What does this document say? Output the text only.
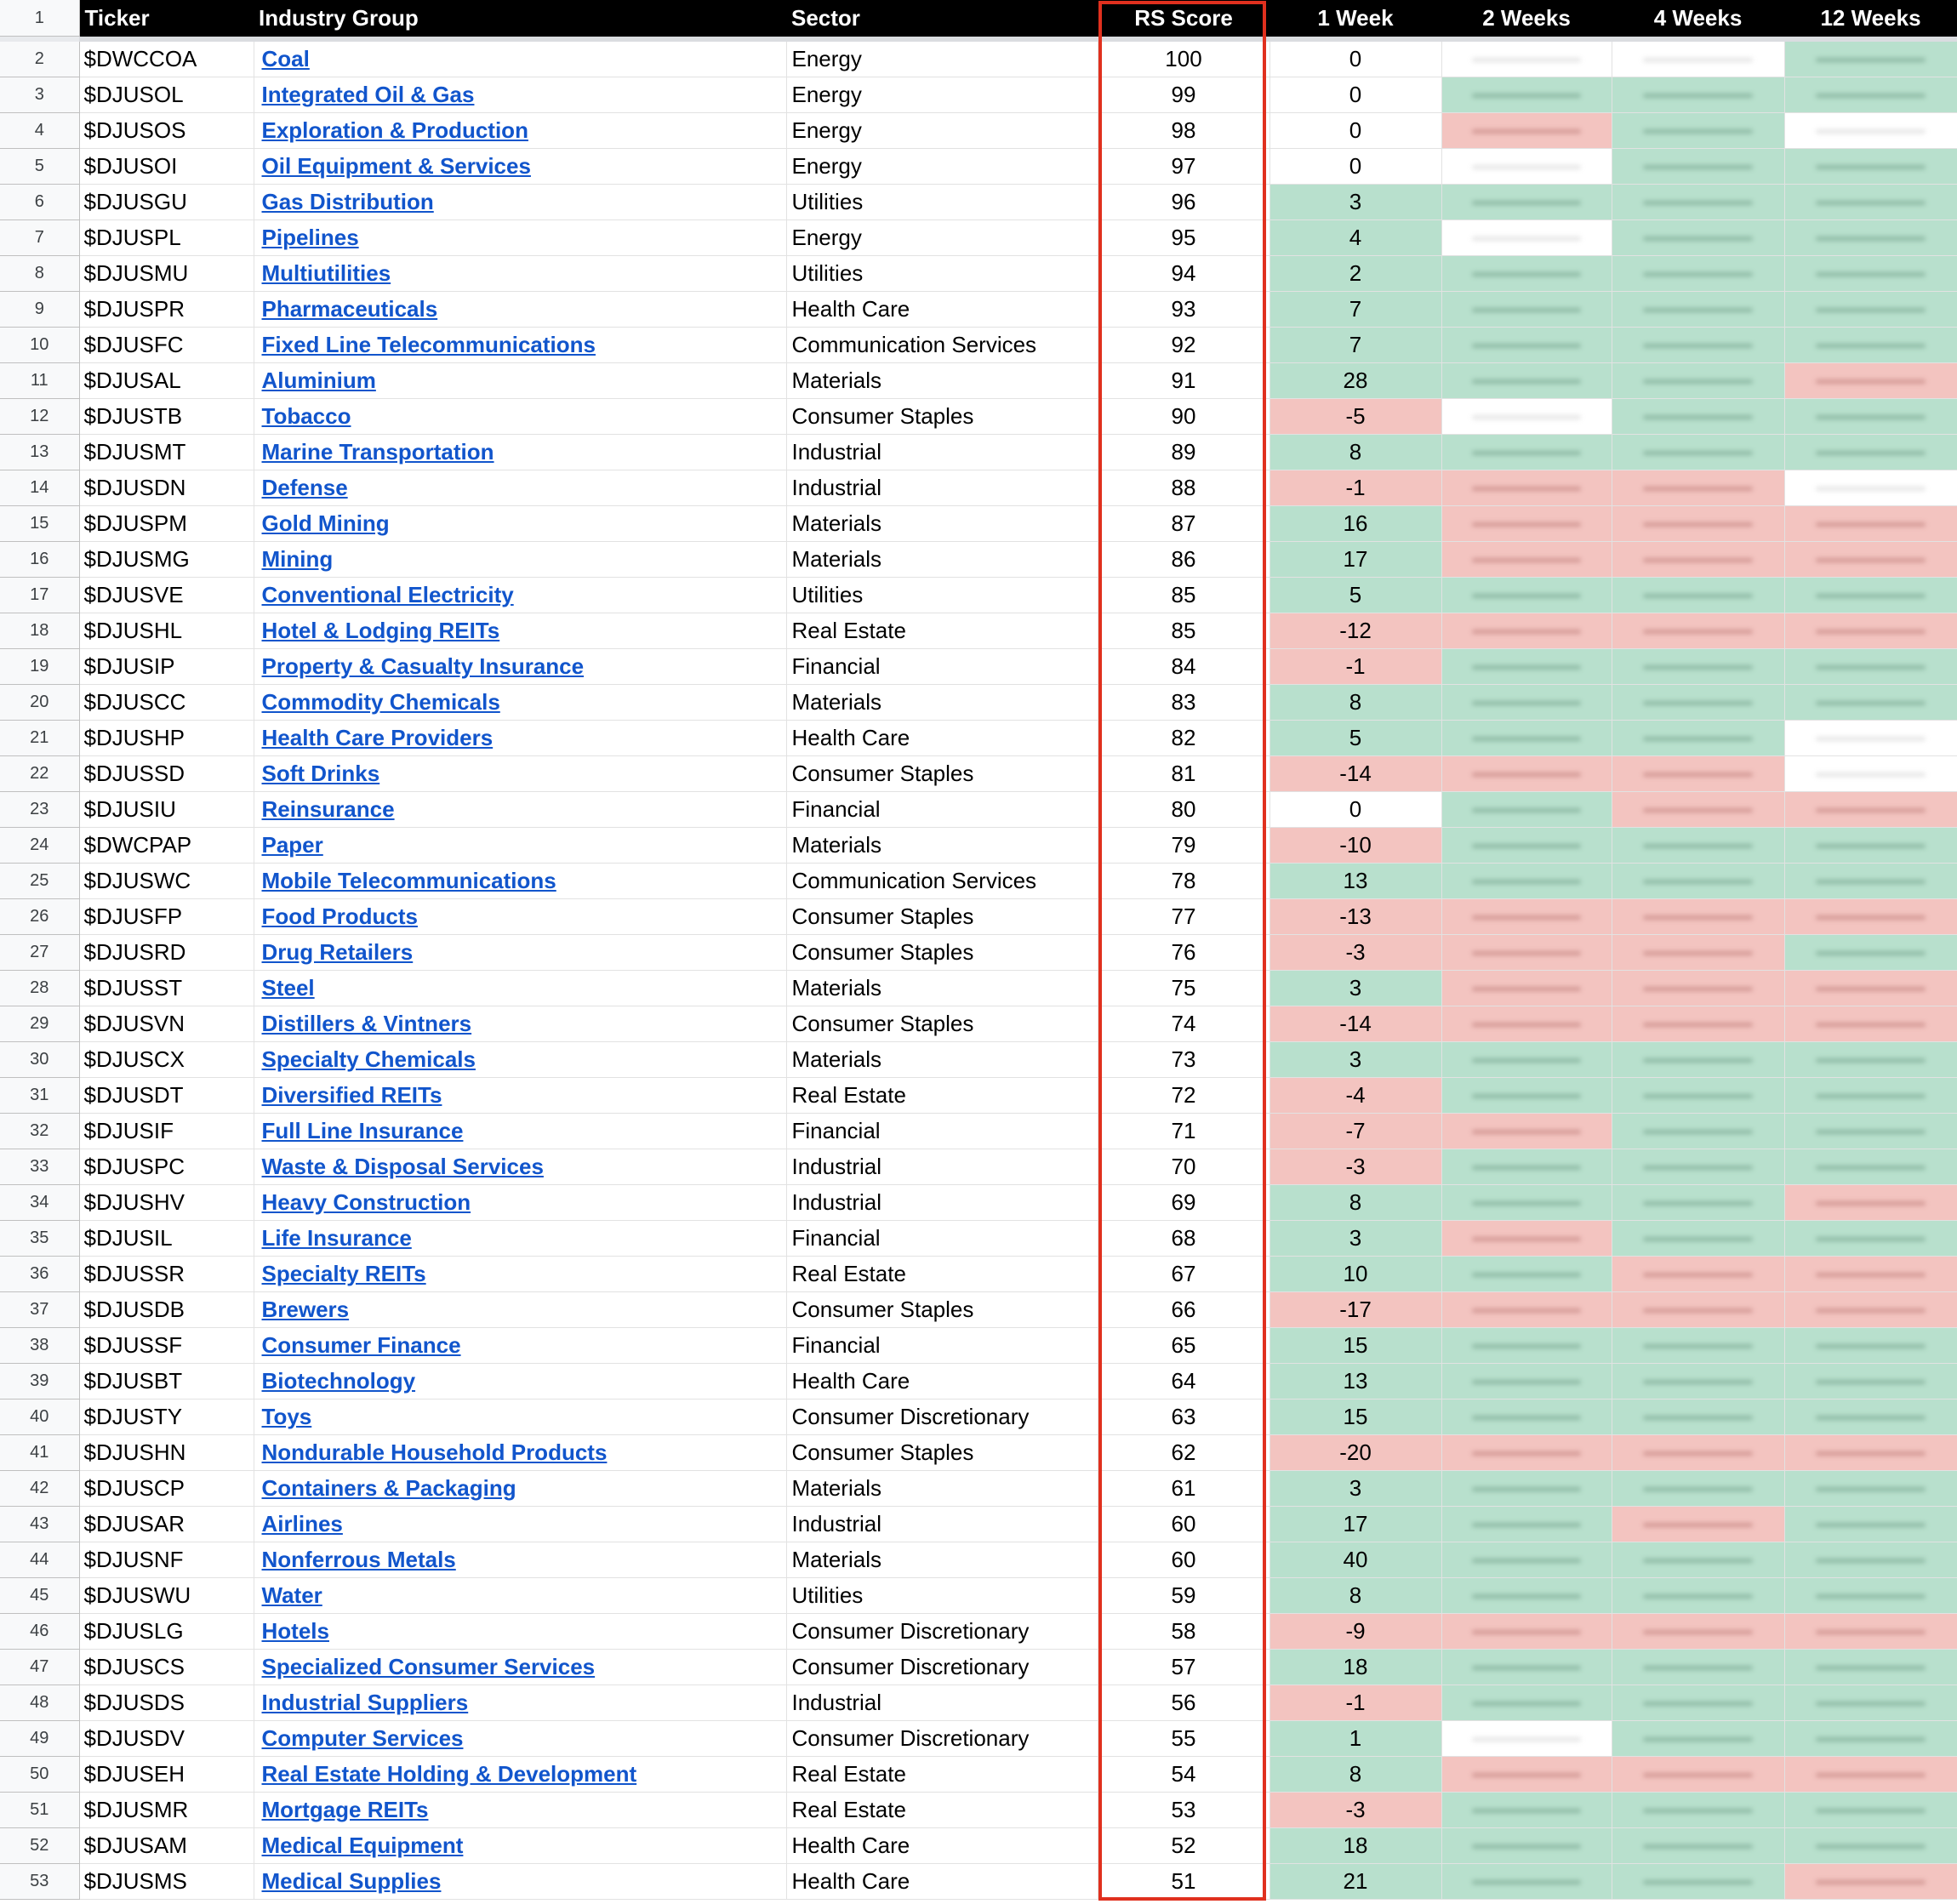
1	Ticker	Industry Group	Sector	RS Score	1 Week	2 Weeks	4 Weeks	12 Weeks

2	$DWCCOA	Coal	Energy	100	0	

3	$DJUSOL	Integrated Oil & Gas	Energy	99	0	

4	$DJUSOS	Exploration & Production	Energy	98	0	

5	$DJUSOI	Oil Equipment & Services	Energy	97	0	

6	$DJUSGU	Gas Distribution	Utilities	96	3	

7	$DJUSPL	Pipelines	Energy	95	4	

8	$DJUSMU	Multiutilities	Utilities	94	2	

9	$DJUSPR	Pharmaceuticals	Health Care	93	7	

10	$DJUSFC	Fixed Line Telecommunications	Communication Services	92	7	

11	$DJUSAL	Aluminium	Materials	91	28	

12	$DJUSTB	Tobacco	Consumer Staples	90	-5	

13	$DJUSMT	Marine Transportation	Industrial	89	8	

14	$DJUSDN	Defense	Industrial	88	-1	

15	$DJUSPM	Gold Mining	Materials	87	16	

16	$DJUSMG	Mining	Materials	86	17	

17	$DJUSVE	Conventional Electricity	Utilities	85	5	

18	$DJUSHL	Hotel & Lodging REITs	Real Estate	85	-12	

19	$DJUSIP	Property & Casualty Insurance	Financial	84	-1	

20	$DJUSCC	Commodity Chemicals	Materials	83	8	

21	$DJUSHP	Health Care Providers	Health Care	82	5	

22	$DJUSSD	Soft Drinks	Consumer Staples	81	-14	

23	$DJUSIU	Reinsurance	Financial	80	0	

24	$DWCPAP	Paper	Materials	79	-10	

25	$DJUSWC	Mobile Telecommunications	Communication Services	78	13	

26	$DJUSFP	Food Products	Consumer Staples	77	-13	

27	$DJUSRD	Drug Retailers	Consumer Staples	76	-3	

28	$DJUSST	Steel	Materials	75	3	

29	$DJUSVN	Distillers & Vintners	Consumer Staples	74	-14	

30	$DJUSCX	Specialty Chemicals	Materials	73	3	

31	$DJUSDT	Diversified REITs	Real Estate	72	-4	

32	$DJUSIF	Full Line Insurance	Financial	71	-7	

33	$DJUSPC	Waste & Disposal Services	Industrial	70	-3	

34	$DJUSHV	Heavy Construction	Industrial	69	8	

35	$DJUSIL	Life Insurance	Financial	68	3	

36	$DJUSSR	Specialty REITs	Real Estate	67	10	

37	$DJUSDB	Brewers	Consumer Staples	66	-17	

38	$DJUSSF	Consumer Finance	Financial	65	15	

39	$DJUSBT	Biotechnology	Health Care	64	13	

40	$DJUSTY	Toys	Consumer Discretionary	63	15	

41	$DJUSHN	Nondurable Household Products	Consumer Staples	62	-20	

42	$DJUSCP	Containers & Packaging	Materials	61	3	

43	$DJUSAR	Airlines	Industrial	60	17	

44	$DJUSNF	Nonferrous Metals	Materials	60	40	

45	$DJUSWU	Water	Utilities	59	8	

46	$DJUSLG	Hotels	Consumer Discretionary	58	-9	

47	$DJUSCS	Specialized Consumer Services	Consumer Discretionary	57	18	

48	$DJUSDS	Industrial Suppliers	Industrial	56	-1	

49	$DJUSDV	Computer Services	Consumer Discretionary	55	1	

50	$DJUSEH	Real Estate Holding & Development	Real Estate	54	8	

51	$DJUSMR	Mortgage REITs	Real Estate	53	-3	

52	$DJUSAM	Medical Equipment	Health Care	52	18	

53	$DJUSMS	Medical Supplies	Health Care	51	21	
